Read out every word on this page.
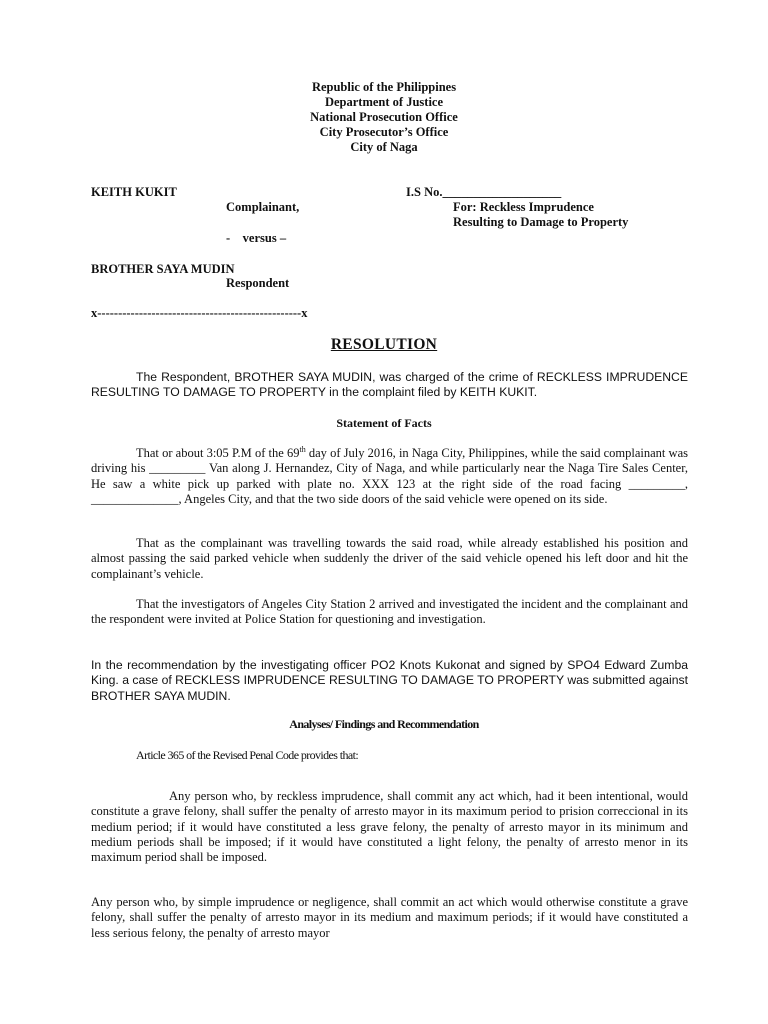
Republic of the Philippines
Department of Justice
National Prosecution Office
City Prosecutor’s Office
City of Naga
KEITH KUKIT	I.S No.___________________
Complainant,	For: Reckless Imprudence
Resulting to Damage to Property
-    versus –
BROTHER SAYA MUDIN
Respondent
x-------------------------------------------------x
RESOLUTION
The Respondent, BROTHER SAYA MUDIN, was charged of the crime of RECKLESS IMPRUDENCE RESULTING TO DAMAGE TO PROPERTY in the complaint filed by KEITH KUKIT.
Statement of Facts
That or about 3:05 P.M of the 69th day of July 2016, in Naga City, Philippines, while the said complainant was driving his _________ Van along J. Hernandez, City of Naga, and while particularly near the Naga Tire Sales Center, He saw a white pick up parked with plate no. XXX 123 at the right side of the road facing _________, ______________, Angeles City, and that the two side doors of the said vehicle were opened on its side.
That as the complainant was travelling towards the said road, while already established his position and almost passing the said parked vehicle when suddenly the driver of the said vehicle opened his left door and hit the complainant’s vehicle.
That the investigators of Angeles City Station 2 arrived and investigated the incident and the complainant and the respondent were invited at Police Station for questioning and investigation.
In the recommendation by the investigating officer PO2 Knots Kukonat and signed by SPO4 Edward Zumba King. a case of RECKLESS IMPRUDENCE RESULTING TO DAMAGE TO PROPERTY was submitted against BROTHER SAYA MUDIN.
Analyses/ Findings and Recommendation
Article 365 of the Revised Penal Code provides that:
Any person who, by reckless imprudence, shall commit any act which, had it been intentional, would constitute a grave felony, shall suffer the penalty of arresto mayor in its maximum period to prision correccional in its medium period; if it would have constituted a less grave felony, the penalty of arresto mayor in its minimum and medium periods shall be imposed; if it would have constituted a light felony, the penalty of arresto menor in its maximum period shall be imposed.
Any person who, by simple imprudence or negligence, shall commit an act which would otherwise constitute a grave felony, shall suffer the penalty of arresto mayor in its medium and maximum periods; if it would have constituted a less serious felony, the penalty of arresto mayor
